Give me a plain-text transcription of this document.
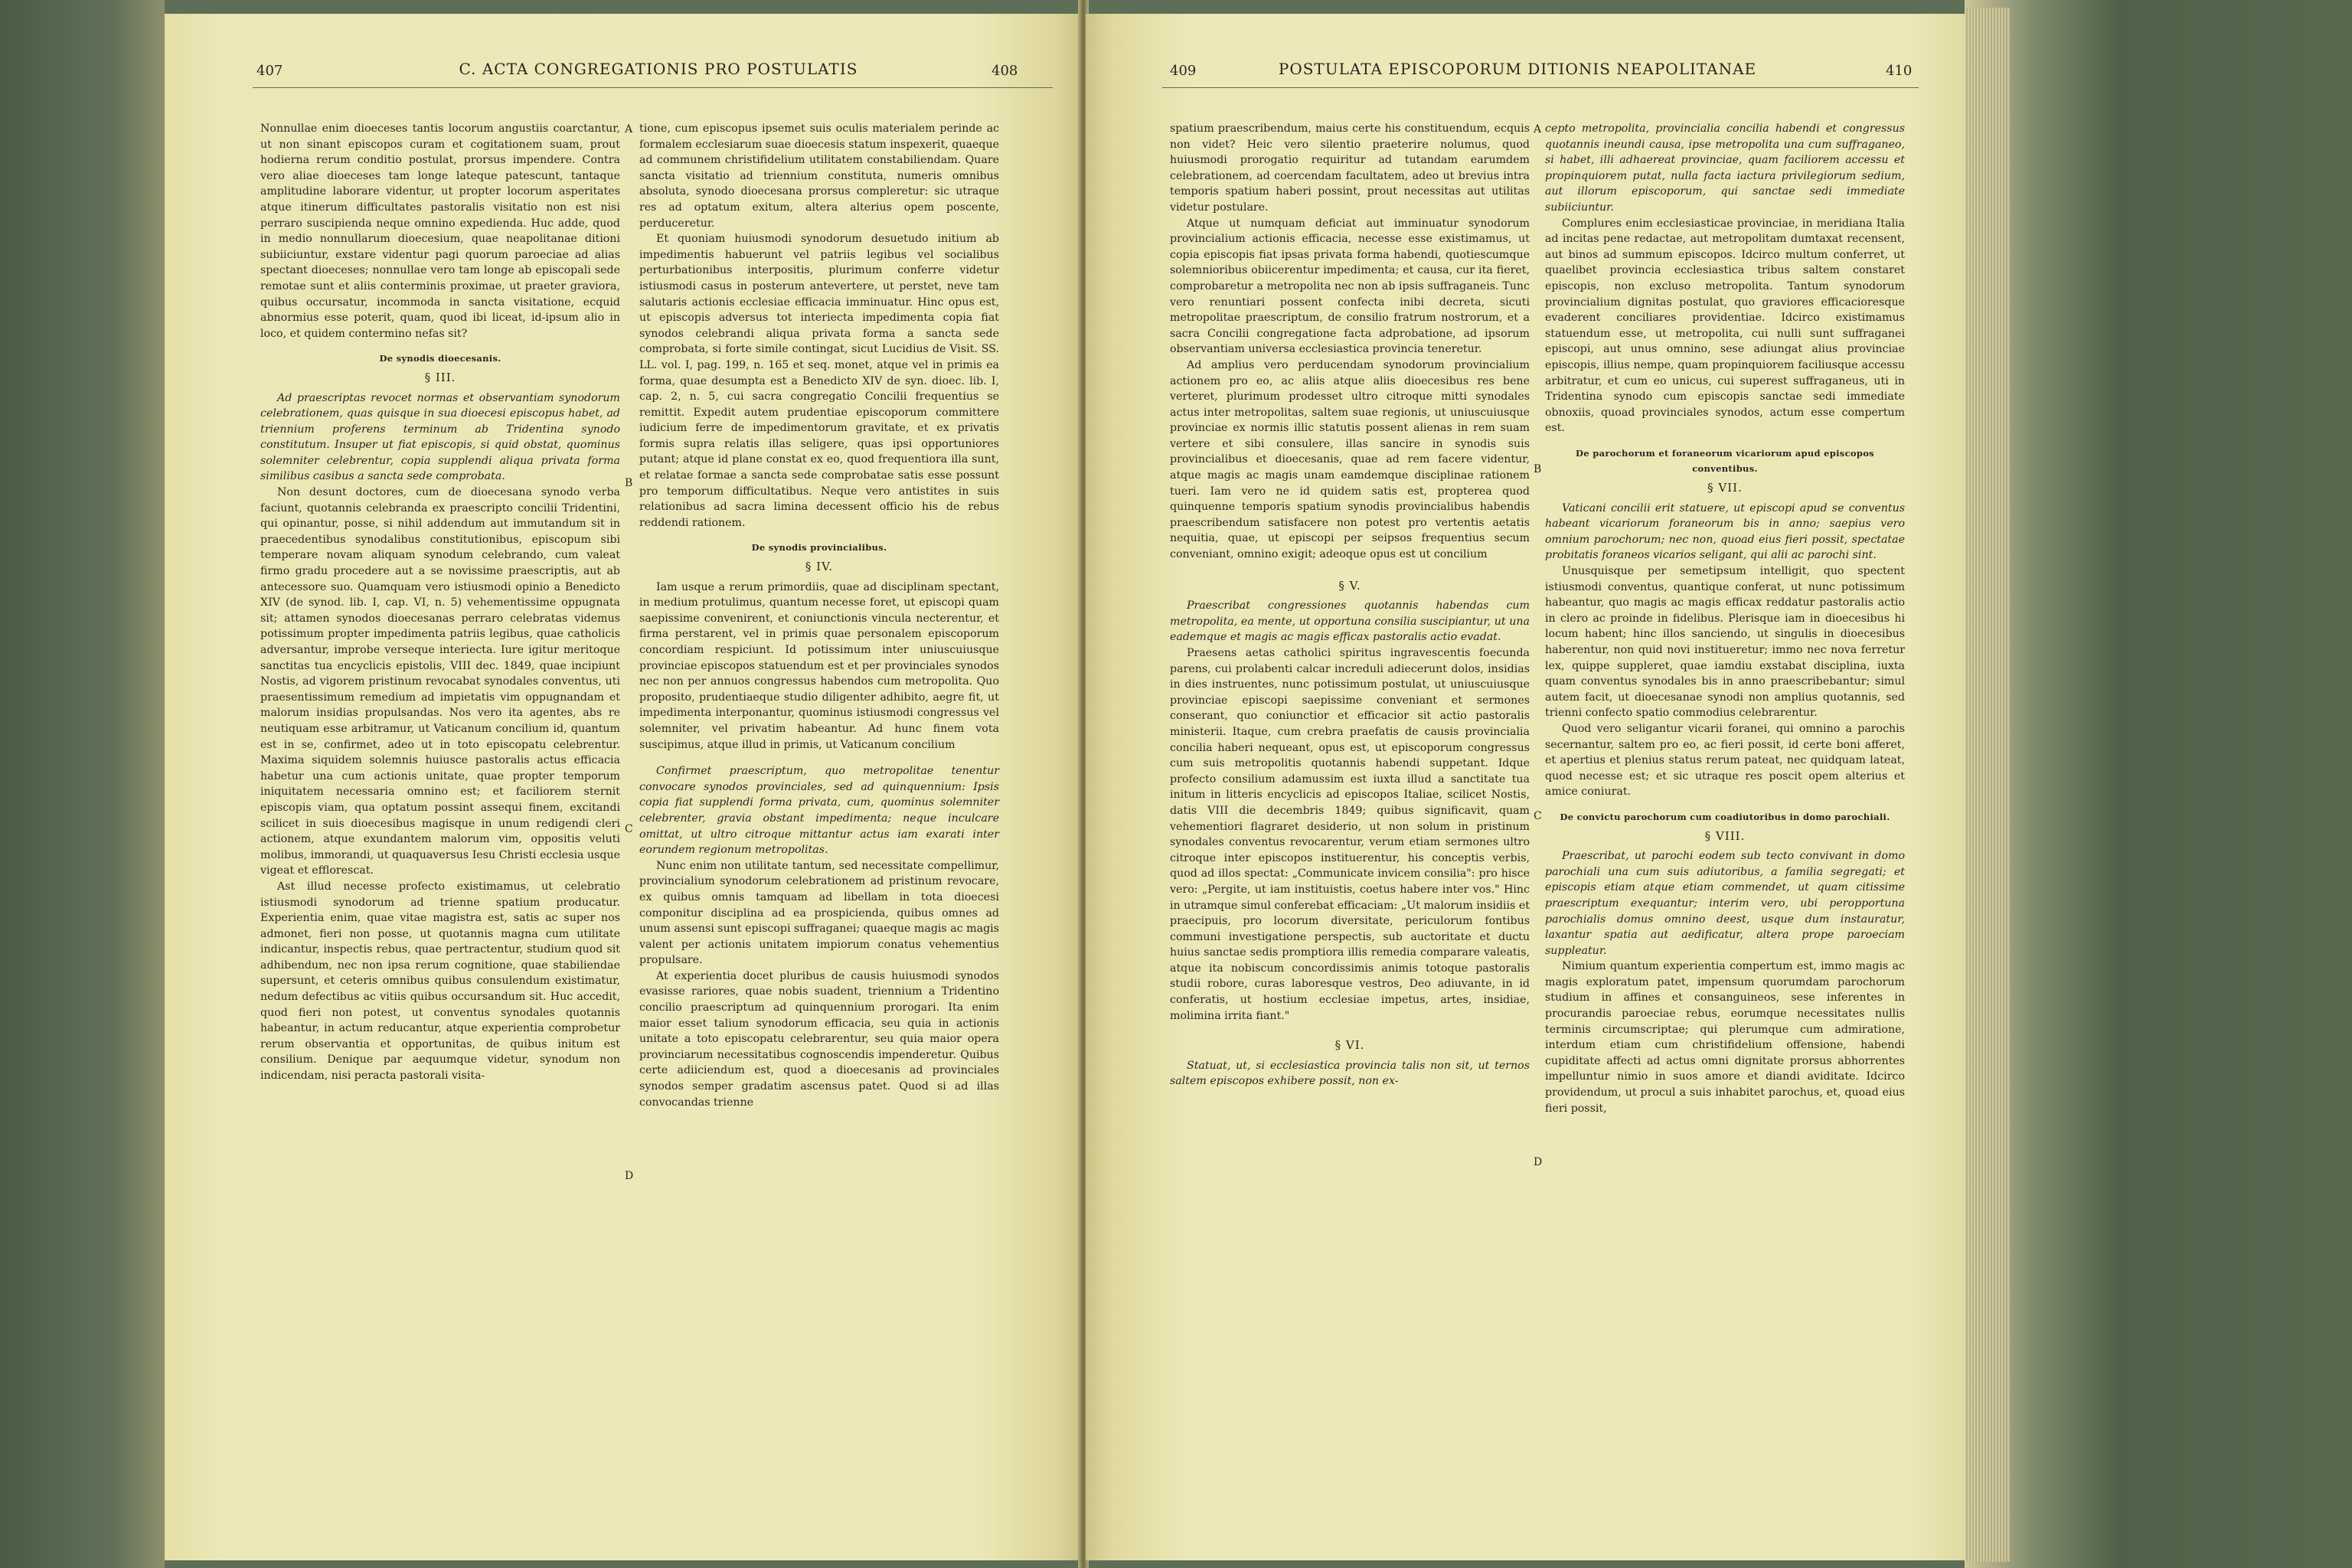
407	C. ACTA CONGREGATIONIS PRO POSTULATIS	408

Nonnullae enim dioeceses tantis locorum angustiis coarctantur, ut non sinant episcopos curam et cogitationem suam, prout hodierna rerum conditio postulat, prorsus impendere. Contra vero aliae dioeceses tam longe lateque patescunt, tantaque amplitudine laborare videntur, ut propter locorum asperitates atque itinerum difficultates pastoralis visitatio non est nisi perraro suscipienda neque omnino expedienda. Huc adde, quod in medio nonnullarum dioecesium, quae neapolitanae ditioni subiiciuntur, exstare videntur pagi quorum paroeciae ad alias spectant dioeceses; nonnullae vero tam longe ab episcopali sede remotae sunt et aliis conterminis proximae, ut praeter graviora, quibus occursatur, incommoda in sancta visitatione, ecquid abnormius esse poterit, quam, quod ibi liceat, id-ipsum alio in loco, et quidem contermino nefas sit?

De synodis dioecesanis.
§ III.

Ad praescriptas revocet normas et observantiam synodorum celebrationem, quas quisque in sua dioecesi episcopus habet, ad triennium proferens terminum ab Tridentina synodo constitutum. Insuper ut fiat episcopis, si quid obstat, quominus solemniter celebrentur, copia supplendi aliqua privata forma similibus casibus a sancta sede comprobata.

Non desunt doctores, cum de dioecesana synodo verba faciunt, quotannis celebranda ex praescripto concilii Tridentini, qui opinantur, posse, si nihil addendum aut immutandum sit in praecedentibus synodalibus constitutionibus, episcopum sibi temperare novam aliquam synodum celebrando, cum valeat firmo gradu procedere aut a se novissime praescriptis, aut ab antecessore suo. Quamquam vero istiusmodi opinio a Benedicto XIV (de synod. lib. I, cap. VI, n. 5) vehementissime oppugnata sit; attamen synodos dioecesanas perraro celebratas videmus potissimum propter impedimenta patriis legibus, quae catholicis adversantur, improbe verseque interiecta. Iure igitur meritoque sanctitas tua encyclicis epistolis, VIII dec. 1849, quae incipiunt Nostis, ad vigorem pristinum revocabat synodales conventus, uti praesentissimum remedium ad impietatis vim oppugnandam et malorum insidias propulsandas. Nos vero ita agentes, abs re neutiquam esse arbitramur, ut Vaticanum concilium id, quantum est in se, confirmet, adeo ut in toto episcopatu celebrentur. Maxima siquidem solemnis huiusce pastoralis actus efficacia habetur una cum actionis unitate, quae propter temporum iniquitatem necessaria omnino est; et faciliorem sternit episcopis viam, qua optatum possint assequi finem, excitandi scilicet in suis dioecesibus magisque in unum redigendi cleri actionem, atque exundantem malorum vim, oppositis veluti molibus, immorandi, ut quaquaversus Iesu Christi ecclesia usque vigeat et efflorescat.

Ast illud necesse profecto existimamus, ut celebratio istiusmodi synodorum ad trienne spatium producatur. Experientia enim, quae vitae magistra est, satis ac super nos admonet, fieri non posse, ut quotannis magna cum utilitate indicantur, inspectis rebus, quae pertractentur, studium quod sit adhibendum, nec non ipsa rerum cognitione, quae stabiliendae supersunt, et ceteris omnibus quibus consulendum existimatur, nedum defectibus ac vitiis quibus occursandum sit. Huc accedit, quod fieri non potest, ut conventus synodales quotannis habeantur, in actum reducantur, atque experientia comprobetur rerum observantia et opportunitas, de quibus initum est consilium. Denique par aequumque videtur, synodum non indicendam, nisi peracta pastorali visita-

tione, cum episcopus ipsemet suis oculis materialem perinde ac formalem ecclesiarum suae dioecesis statum inspexerit, quaeque ad communem christifidelium utilitatem constabiliendam. Quare sancta visitatio ad triennium constituta, numeris omnibus absoluta, synodo dioecesana prorsus compleretur: sic utraque res ad optatum exitum, altera alterius opem poscente, perduceretur.

Et quoniam huiusmodi synodorum desuetudo initium ab impedimentis habuerunt vel patriis legibus vel socialibus perturbationibus interpositis, plurimum conferre videtur istiusmodi casus in posterum antevertere, ut perstet, neve tam salutaris actionis ecclesiae efficacia imminuatur. Hinc opus est, ut episcopis adversus tot interiecta impedimenta copia fiat synodos celebrandi aliqua privata forma a sancta sede comprobata, si forte simile contingat, sicut Lucidius de Visit. SS. LL. vol. I, pag. 199, n. 165 et seq. monet, atque vel in primis ea forma, quae desumpta est a Benedicto XIV de syn. dioec. lib. I, cap. 2, n. 5, cui sacra congregatio Concilii frequentius se remittit. Expedit autem prudentiae episcoporum committere iudicium ferre de impedimentorum gravitate, et ex privatis formis supra relatis illas seligere, quas ipsi opportuniores putant; atque id plane constat ex eo, quod frequentiora illa sunt, et relatae formae a sancta sede comprobatae satis esse possunt pro temporum difficultatibus. Neque vero antistites in suis relationibus ad sacra limina decessent officio his de rebus reddendi rationem.

De synodis provincialibus.
§ IV.

Iam usque a rerum primordiis, quae ad disciplinam spectant, in medium protulimus, quantum necesse foret, ut episcopi quam saepissime convenirent, et coniunctionis vincula necterentur, et firma perstarent, vel in primis quae personalem episcoporum concordiam respiciunt. Id potissimum inter uniuscuiusque provinciae episcopos statuendum est et per provinciales synodos nec non per annuos congressus habendos cum metropolita. Quo proposito, prudentiaeque studio diligenter adhibito, aegre fit, ut impedimenta interponantur, quominus istiusmodi congressus vel solemniter, vel privatim habeantur. Ad hunc finem vota suscipimus, atque illud in primis, ut Vaticanum concilium

Confirmet praescriptum, quo metropolitae tenentur convocare synodos provinciales, sed ad quinquennium: Ipsis copia fiat supplendi forma privata, cum, quominus solemniter celebrenter, gravia obstant impedimenta; neque inculcare omittat, ut ultro citroque mittantur actus iam exarati inter eorundem regionum metropolitas.

Nunc enim non utilitate tantum, sed necessitate compellimur, provincialium synodorum celebrationem ad pristinum revocare, ex quibus omnis tamquam ad libellam in tota dioecesi componitur disciplina ad ea prospicienda, quibus omnes ad unum assensi sunt episcopi suffraganei; quaeque magis ac magis valent per actionis unitatem impiorum conatus vehementius propulsare.

At experientia docet pluribus de causis huiusmodi synodos evasisse rariores, quae nobis suadent, triennium a Tridentino concilio praescriptum ad quinquennium prorogari. Ita enim maior esset talium synodorum efficacia, seu quia in actionis unitate a toto episcopatu celebrarentur, seu quia maior opera provinciarum necessitatibus cognoscendis impenderetur. Quibus certe adiiciendum est, quod a dioecesanis ad provinciales synodos semper gradatim ascensus patet. Quod si ad illas convocandas trienne

A
B
C
D
409	POSTULATA EPISCOPORUM DITIONIS NEAPOLITANAE	410

spatium praescribendum, maius certe his constituendum, ecquis non videt? Heic vero silentio praeterire nolumus, quod huiusmodi prorogatio requiritur ad tutandam earumdem celebrationem, ad coercendam facultatem, adeo ut brevius intra temporis spatium haberi possint, prout necessitas aut utilitas videtur postulare.

Atque ut numquam deficiat aut imminuatur synodorum provincialium actionis efficacia, necesse esse existimamus, ut copia episcopis fiat ipsas privata forma habendi, quotiescumque solemnioribus obiicerentur impedimenta; et causa, cur ita fieret, comprobaretur a metropolita nec non ab ipsis suffraganeis. Tunc vero renuntiari possent confecta inibi decreta, sicuti metropolitae praescriptum, de consilio fratrum nostrorum, et a sacra Concilii congregatione facta adprobatione, ad ipsorum observantiam universa ecclesiastica provincia teneretur.

Ad amplius vero perducendam synodorum provincialium actionem pro eo, ac aliis atque aliis dioecesibus res bene verteret, plurimum prodesset ultro citroque mitti synodales actus inter metropolitas, saltem suae regionis, ut uniuscuiusque provinciae ex normis illic statutis possent alienas in rem suam vertere et sibi consulere, illas sancire in synodis suis provincialibus et dioecesanis, quae ad rem facere videntur, atque magis ac magis unam eamdemque disciplinae rationem tueri. Iam vero ne id quidem satis est, propterea quod quinquenne temporis spatium synodis provincialibus habendis praescribendum satisfacere non potest pro vertentis aetatis nequitia, quae, ut episcopi per seipsos frequentius secum conveniant, omnino exigit; adeoque opus est ut concilium

§ V.

Praescribat congressiones quotannis habendas cum metropolita, ea mente, ut opportuna consilia suscipiantur, ut una eademque et magis ac magis efficax pastoralis actio evadat.

Praesens aetas catholici spiritus ingravescentis foecunda parens, cui prolabenti calcar increduli adiecerunt dolos, insidias in dies instruentes, nunc potissimum postulat, ut uniuscuiusque provinciae episcopi saepissime conveniant et sermones conserant, quo coniunctior et efficacior sit actio pastoralis ministerii. Itaque, cum crebra praefatis de causis provincialia concilia haberi nequeant, opus est, ut episcoporum congressus cum suis metropolitis quotannis habendi suppetant. Idque profecto consilium adamussim est iuxta illud a sanctitate tua initum in litteris encyclicis ad episcopos Italiae, scilicet Nostis, datis VIII die decembris 1849; quibus significavit, quam vehementiori flagraret desiderio, ut non solum in pristinum synodales conventus revocarentur, verum etiam sermones ultro citroque inter episcopos instituerentur, his conceptis verbis, quod ad illos spectat: „Communicate invicem consilia": pro hisce vero: „Pergite, ut iam instituistis, coetus habere inter vos." Hinc in utramque simul conferebat efficaciam: „Ut malorum insidiis et praecipuis, pro locorum diversitate, periculorum fontibus communi investigatione perspectis, sub auctoritate et ductu huius sanctae sedis promptiora illis remedia comparare valeatis, atque ita nobiscum concordissimis animis totoque pastoralis studii robore, curas laboresque vestros, Deo adiuvante, in id conferatis, ut hostium ecclesiae impetus, artes, insidiae, molimina irrita fiant."

§ VI.

Statuat, ut, si ecclesiastica provincia talis non sit, ut ternos saltem episcopos exhibere possit, non ex-

cepto metropolita, provincialia concilia habendi et congressus quotannis ineundi causa, ipse metropolita una cum suffraganeo, si habet, illi adhaereat provinciae, quam faciliorem accessu et propinquiorem putat, nulla facta iactura privilegiorum sedium, aut illorum episcoporum, qui sanctae sedi immediate subiiciuntur.

Complures enim ecclesiasticae provinciae, in meridiana Italia ad incitas pene redactae, aut metropolitam dumtaxat recensent, aut binos ad summum episcopos. Idcirco multum conferret, ut quaelibet provincia ecclesiastica tribus saltem constaret episcopis, non excluso metropolita. Tantum synodorum provincialium dignitas postulat, quo graviores efficacioresque evaderent conciliares providentiae. Idcirco existimamus statuendum esse, ut metropolita, cui nulli sunt suffraganei episcopi, aut unus omnino, sese adiungat alius provinciae episcopis, illius nempe, quam propinquiorem faciliusque accessu arbitratur, et cum eo unicus, cui superest suffraganeus, uti in Tridentina synodo cum episcopis sanctae sedi immediate obnoxiis, quoad provinciales synodos, actum esse compertum est.

De parochorum et foraneorum vicariorum apud episcopos conventibus.
§ VII.

Vaticani concilii erit statuere, ut episcopi apud se conventus habeant vicariorum foraneorum bis in anno; saepius vero omnium parochorum; nec non, quoad eius fieri possit, spectatae probitatis foraneos vicarios seligant, qui alii ac parochi sint.

Unusquisque per semetipsum intelligit, quo spectent istiusmodi conventus, quantique conferat, ut nunc potissimum habeantur, quo magis ac magis efficax reddatur pastoralis actio in clero ac proinde in fidelibus. Plerisque iam in dioecesibus hi locum habent; hinc illos sanciendo, ut singulis in dioecesibus haberentur, non quid novi institueretur; immo nec nova ferretur lex, quippe suppleret, quae iamdiu exstabat disciplina, iuxta quam conventus synodales bis in anno praescribebantur; simul autem facit, ut dioecesanae synodi non amplius quotannis, sed trienni confecto spatio commodius celebrarentur.

Quod vero seligantur vicarii foranei, qui omnino a parochis secernantur, saltem pro eo, ac fieri possit, id certe boni afferet, et apertius et plenius status rerum pateat, nec quidquam lateat, quod necesse est; et sic utraque res poscit opem alterius et amice coniurat.

De convictu parochorum cum coadiutoribus in domo parochiali.
§ VIII.

Praescribat, ut parochi eodem sub tecto convivant in domo parochiali una cum suis adiutoribus, a familia segregati; et episcopis etiam atque etiam commendet, ut quam citissime praescriptum exequantur; interim vero, ubi peropportuna parochialis domus omnino deest, usque dum instauratur, laxantur spatia aut aedificatur, altera prope paroeciam suppleatur.

Nimium quantum experientia compertum est, immo magis ac magis exploratum patet, impensum quorumdam parochorum studium in affines et consanguineos, sese inferentes in procurandis paroeciae rebus, eorumque necessitates nullis terminis circumscriptae; qui plerumque cum admiratione, interdum etiam cum christifidelium offensione, habendi cupiditate affecti ad actus omni dignitate prorsus abhorrentes impelluntur nimio in suos amore et diandi aviditate. Idcirco providendum, ut procul a suis inhabitet parochus, et, quoad eius fieri possit,

A
B
C
D
